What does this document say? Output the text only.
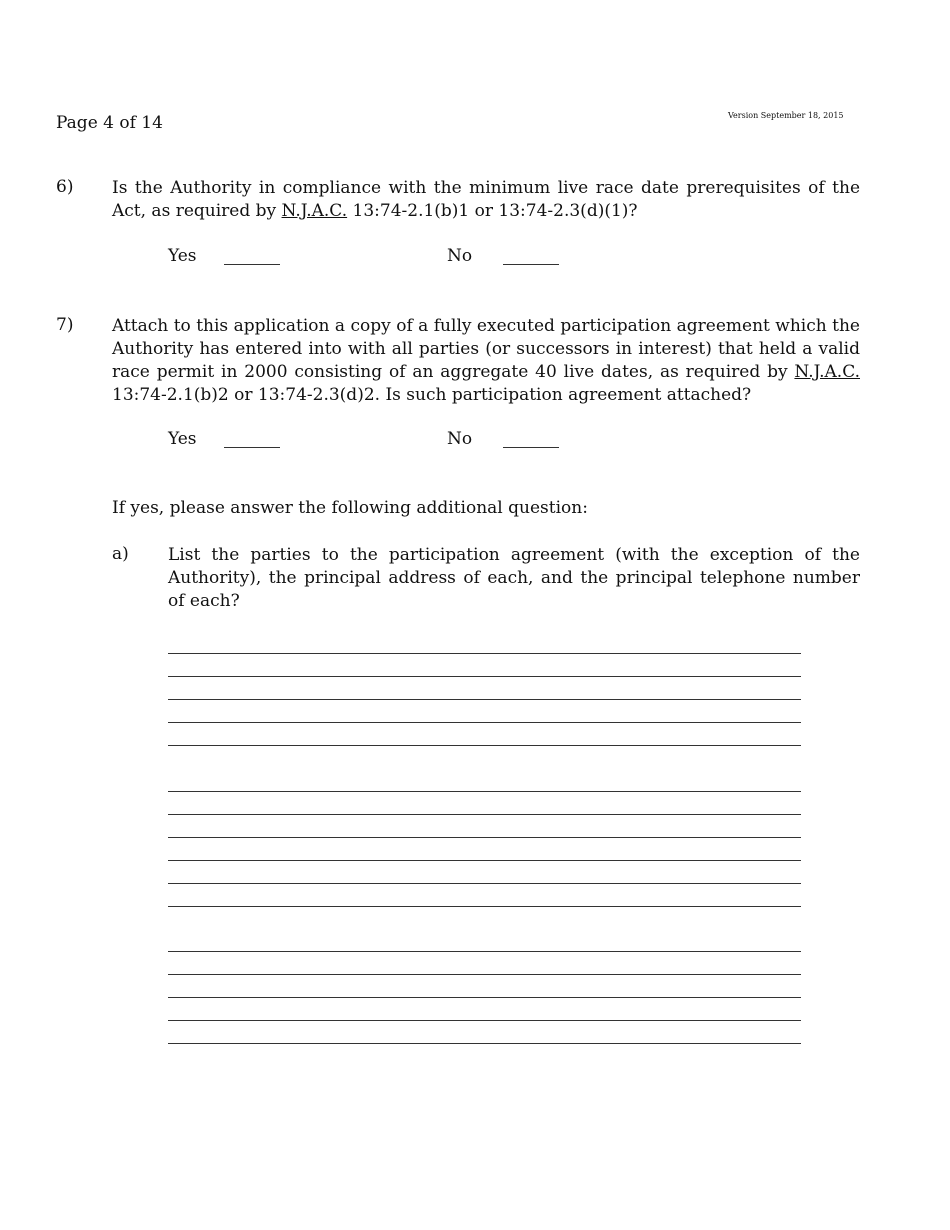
Page 4 of 14	Version September 18, 2015
6) Is the Authority in compliance with the minimum live race date prerequisites of the Act, as required by N.J.A.C. 13:74-2.1(b)1 or 13:74-2.3(d)(1)?
Yes	No
7) Attach to this application a copy of a fully executed participation agreement which the Authority has entered into with all parties (or successors in interest) that held a valid race permit in 2000 consisting of an aggregate 40 live dates, as required by N.J.A.C. 13:74-2.1(b)2 or 13:74-2.3(d)2. Is such participation agreement attached?
Yes	No
If yes, please answer the following additional question:
a) List the parties to the participation agreement (with the exception of the Authority), the principal address of each, and the principal telephone number of each?
